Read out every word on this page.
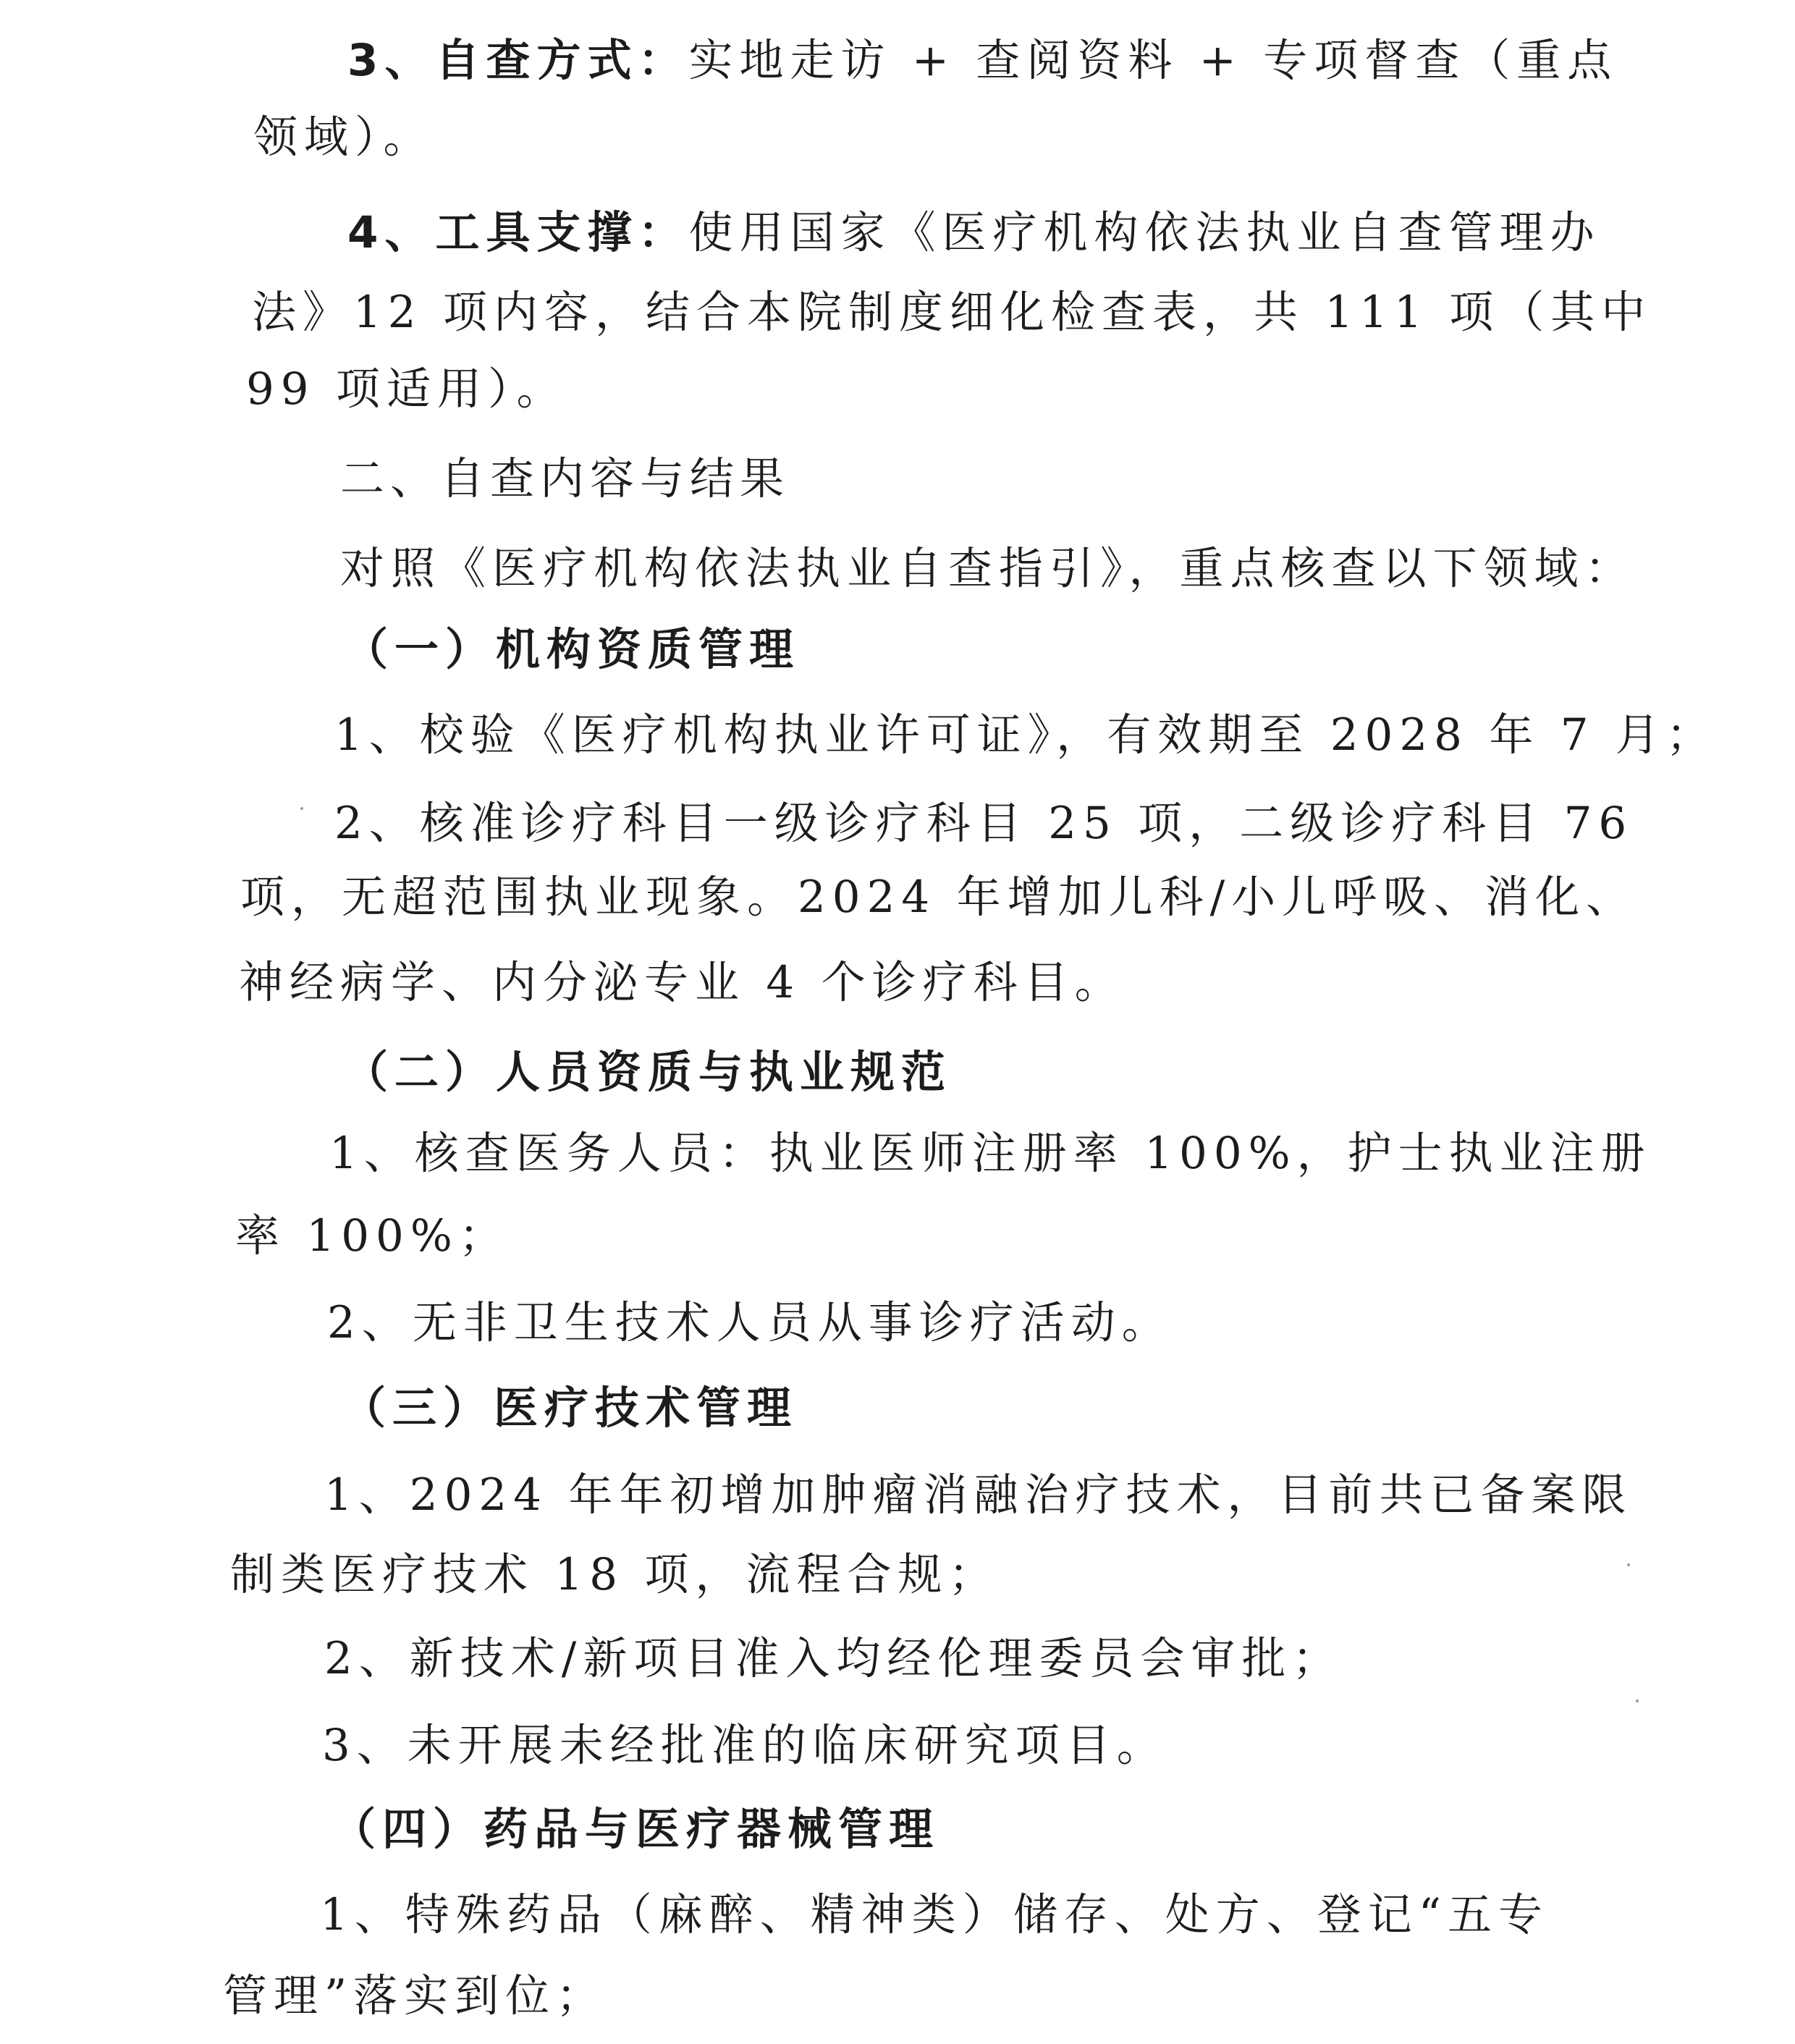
3、自查方式：实地走访 + 查阅资料 + 专项督查（重点
领域）。
4、工具支撑：使用国家《医疗机构依法执业自查管理办
法》12 项内容，结合本院制度细化检查表，共 111 项（其中
99 项适用）。
二、自查内容与结果
对照《医疗机构依法执业自查指引》，重点核查以下领域：
（一）机构资质管理
1、校验《医疗机构执业许可证》，有效期至 2028 年 7 月；
2、核准诊疗科目一级诊疗科目 25 项，二级诊疗科目 76
项，无超范围执业现象。2024 年增加儿科/小儿呼吸、消化、
神经病学、内分泌专业 4 个诊疗科目。
（二）人员资质与执业规范
1、核查医务人员：执业医师注册率 100%，护士执业注册
率 100%；
2、无非卫生技术人员从事诊疗活动。
（三）医疗技术管理
1、2024 年年初增加肿瘤消融治疗技术，目前共已备案限
制类医疗技术 18 项，流程合规；
2、新技术/新项目准入均经伦理委员会审批；
3、未开展未经批准的临床研究项目。
（四）药品与医疗器械管理
1、特殊药品（麻醉、精神类）储存、处方、登记“五专
管理”落实到位；
